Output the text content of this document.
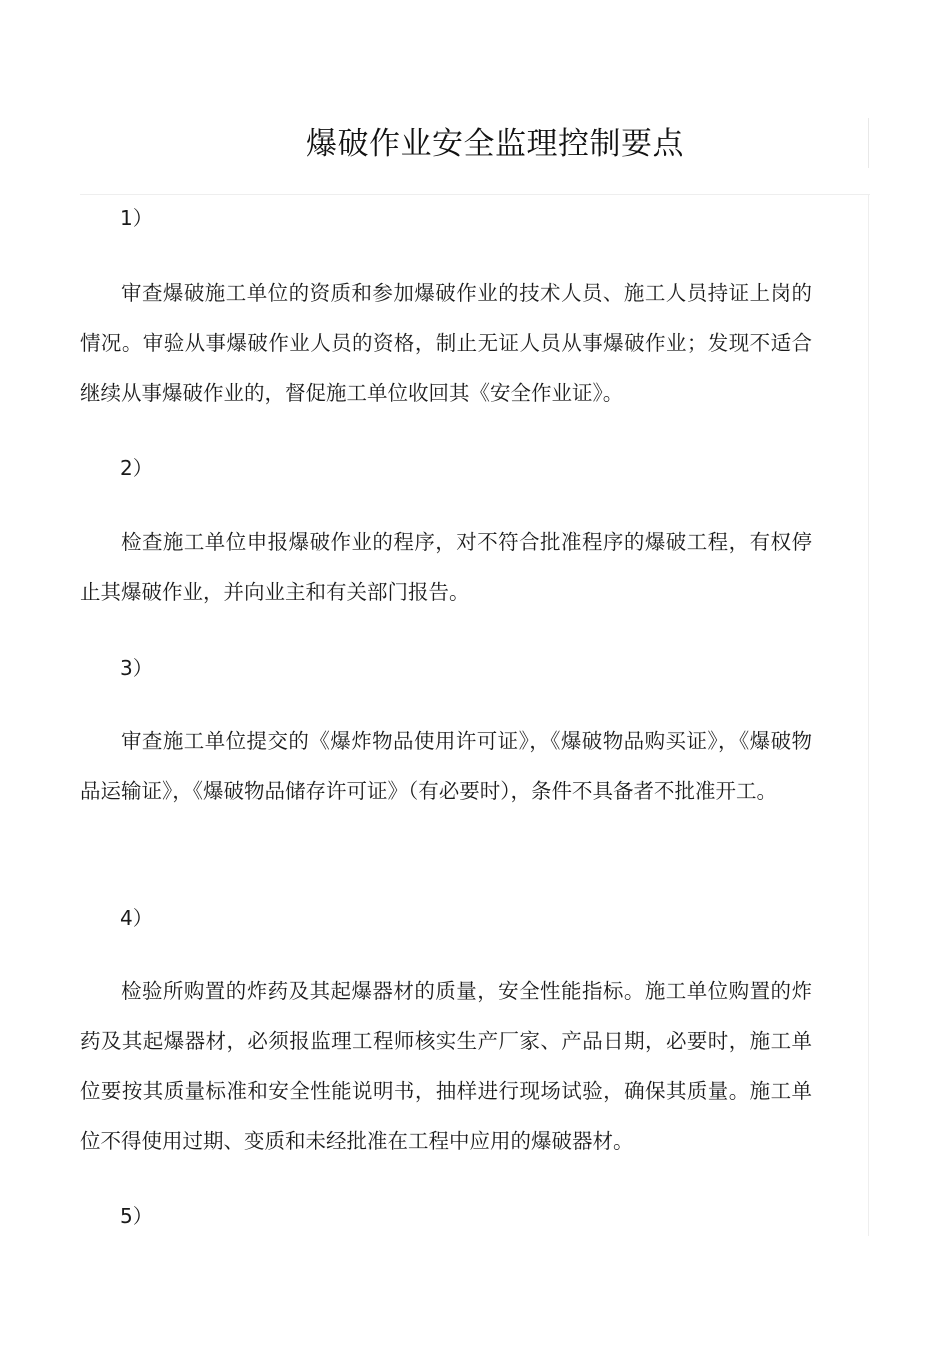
爆破作业安全监理控制要点
1）

审查爆破施工单位的资质和参加爆破作业的技术人员、施工人员持证上岗的情况。审验从事爆破作业人员的资格，制止无证人员从事爆破作业；发现不适合继续从事爆破作业的，督促施工单位收回其《安全作业证》。

2）

检查施工单位申报爆破作业的程序，对不符合批准程序的爆破工程，有权停止其爆破作业，并向业主和有关部门报告。

3）

审查施工单位提交的《爆炸物品使用许可证》，《爆破物品购买证》，《爆破物品运输证》，《爆破物品储存许可证》（有必要时），条件不具备者不批准开工。

4）

检验所购置的炸药及其起爆器材的质量，安全性能指标。施工单位购置的炸药及其起爆器材，必须报监理工程师核实生产厂家、产品日期，必要时，施工单位要按其质量标准和安全性能说明书，抽样进行现场试验，确保其质量。施工单位不得使用过期、变质和未经批准在工程中应用的爆破器材。

5）
